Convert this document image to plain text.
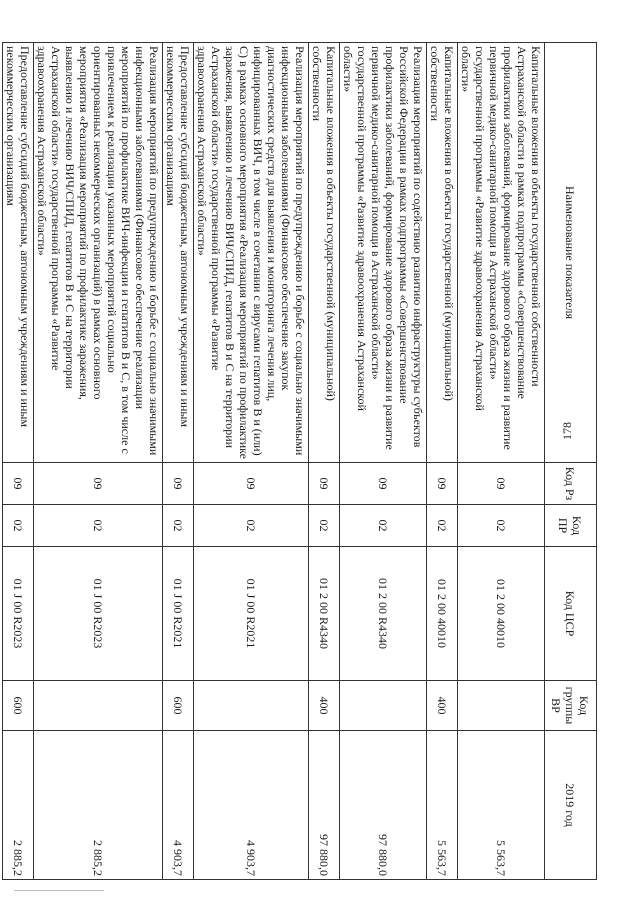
178
Наименование показателя	Код Рз	Код ПР	Код ЦСР	Код группы ВР	2019 год
Капитальные вложения в объекты государственной собственности Астраханской области в рамках подпрограммы «Совершенствование профилактики заболеваний, формирование здорового образа жизни и развитие первичной медико-санитарной помощи в Астраханской области» государственной программы «Развитие здравоохранения Астраханской области»	09	02	01 2 00 40010		5 563,7
Капитальные вложения в объекты государственной (муниципальной) собственности	09	02	01 2 00 40010	400	5 563,7
Реализация мероприятий по содействию развитию инфраструктуры субъектов Российской Федерации в рамках подпрограммы «Совершенствование профилактики заболеваний, формирование здорового образа жизни и развитие первичной медико-санитарной помощи в Астраханской области» государственной программы «Развитие здравоохранения Астраханской области»	09	02	01 2 00 R4340		97 880,0
Капитальные вложения в объекты государственной (муниципальной) собственности	09	02	01 2 00 R4340	400	97 880,0
Реализация мероприятий по предупреждению и борьбе с социально значимыми инфекционными заболеваниями (Финансовое обеспечение закупок диагностических средств для выявления и мониторинга лечения лиц, инфицированных ВИЧ, в том числе в сочетании с вирусами гепатитов В и (или) С) в рамках основного мероприятия «Реализация мероприятий по профилактике заражения, выявлению и лечению ВИЧ/СПИД, гепатитов В и С на территории Астраханской области» государственной программы «Развитие здравоохранения Астраханской области»	09	02	01 J 00 R2021		4 903,7
Предоставление субсидий бюджетным, автономным учреждениям и иным некоммерческим организациям	09	02	01 J 00 R2021	600	4 903,7
Реализация мероприятий по предупреждению и борьбе с социально значимыми инфекционными заболеваниями (Финансовое обеспечение реализации мероприятий по профилактике ВИЧ-инфекции и гепатитов В и С, в том числе с привлечением к реализации указанных мероприятий социально ориентированных некоммерческих организаций) в рамках основного мероприятия «Реализация мероприятий по профилактике заражения, выявлению и лечению ВИЧ/СПИД, гепатитов В и С на территории Астраханской области» государственной программы «Развитие здравоохранения Астраханской области»	09	02	01 J 00 R2023		2 885,2
Предоставление субсидий бюджетным, автономным учреждениям и иным некоммерческим организациям	09	02	01 J 00 R2023	600	2 885,2
